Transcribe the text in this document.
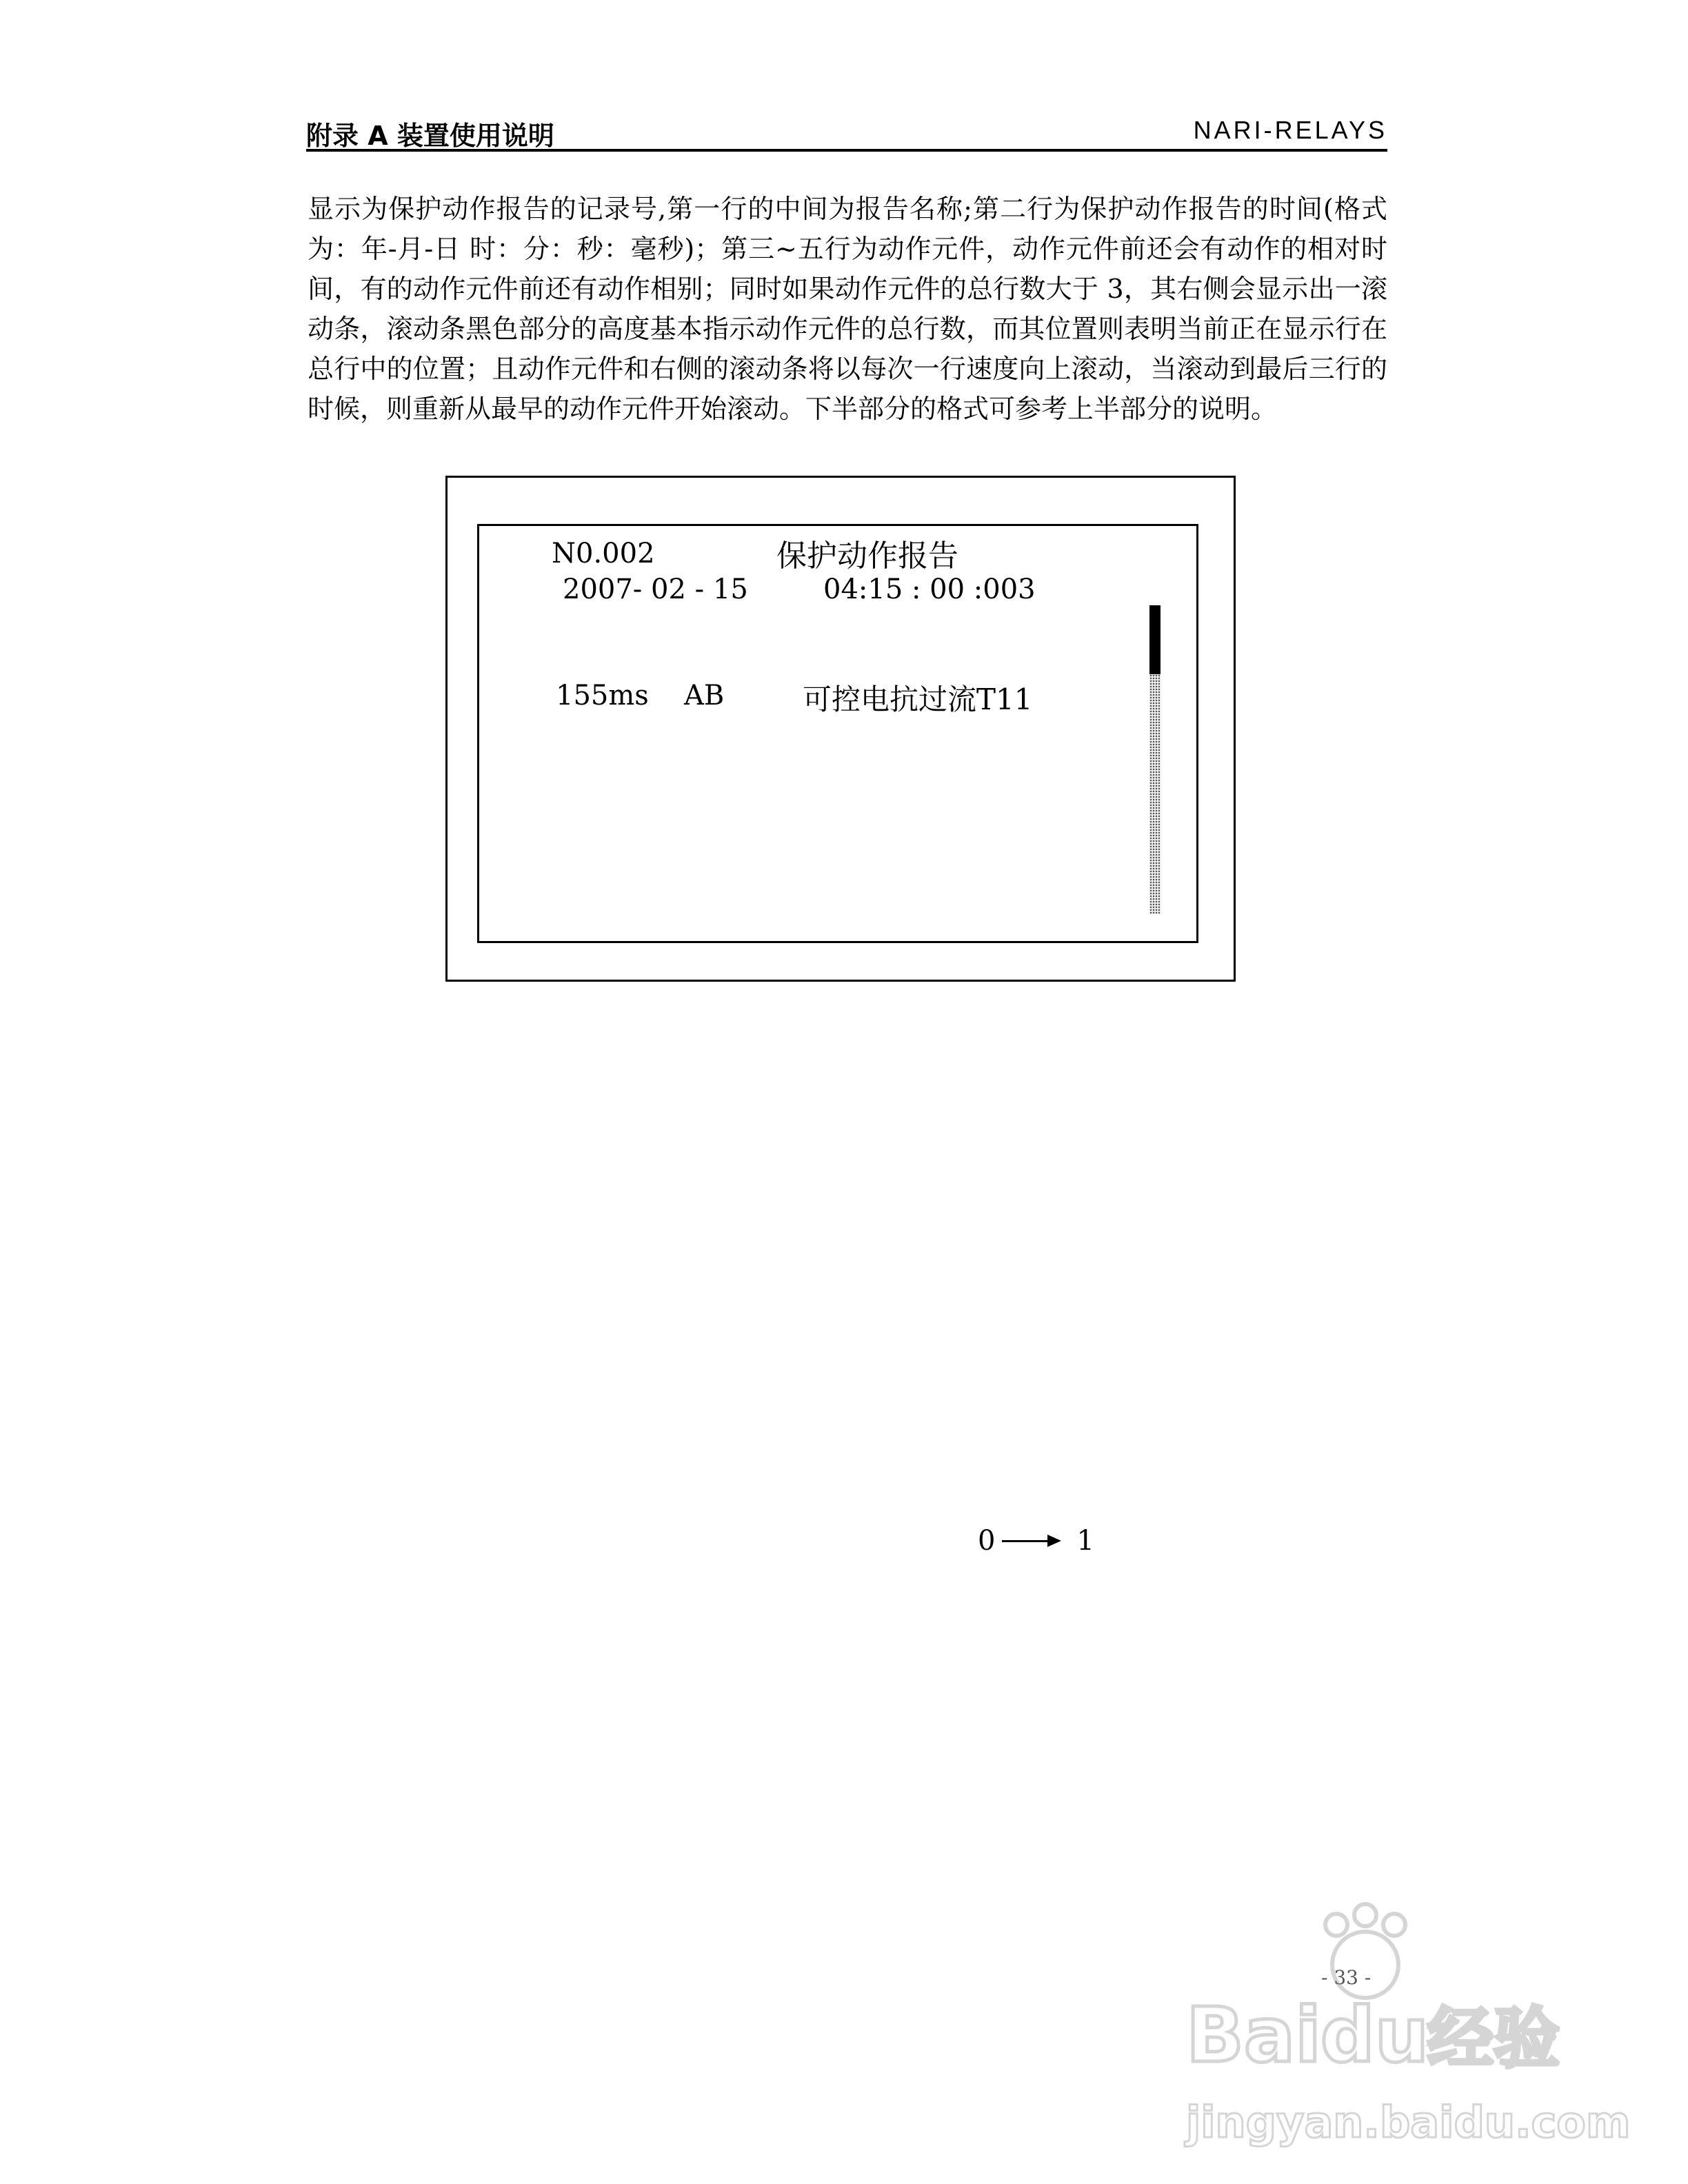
附录 A 装置使用说明	NARI-RELAYS

显示为保护动作报告的记录号,第一行的中间为报告名称;第二行为保护动作报告的时间(格式为：年-月-日 时：分：秒：毫秒)；第三~五行为动作元件，动作元件前还会有动作的相对时间，有的动作元件前还有动作相别；同时如果动作元件的总行数大于 3，其右侧会显示出一滚动条，滚动条黑色部分的高度基本指示动作元件的总行数，而其位置则表明当前正在显示行在总行中的位置；且动作元件和右侧的滚动条将以每次一行速度向上滚动，当滚动到最后三行的时候，则重新从最早的动作元件开始滚动。下半部分的格式可参考上半部分的说明。

N0.002	保护动作报告
2007- 02 - 15	04:15 : 00 :003
155ms AB	可控电抗过流T11
0	1
- 33 -
Bai du
经验
jingyan.baidu.com
